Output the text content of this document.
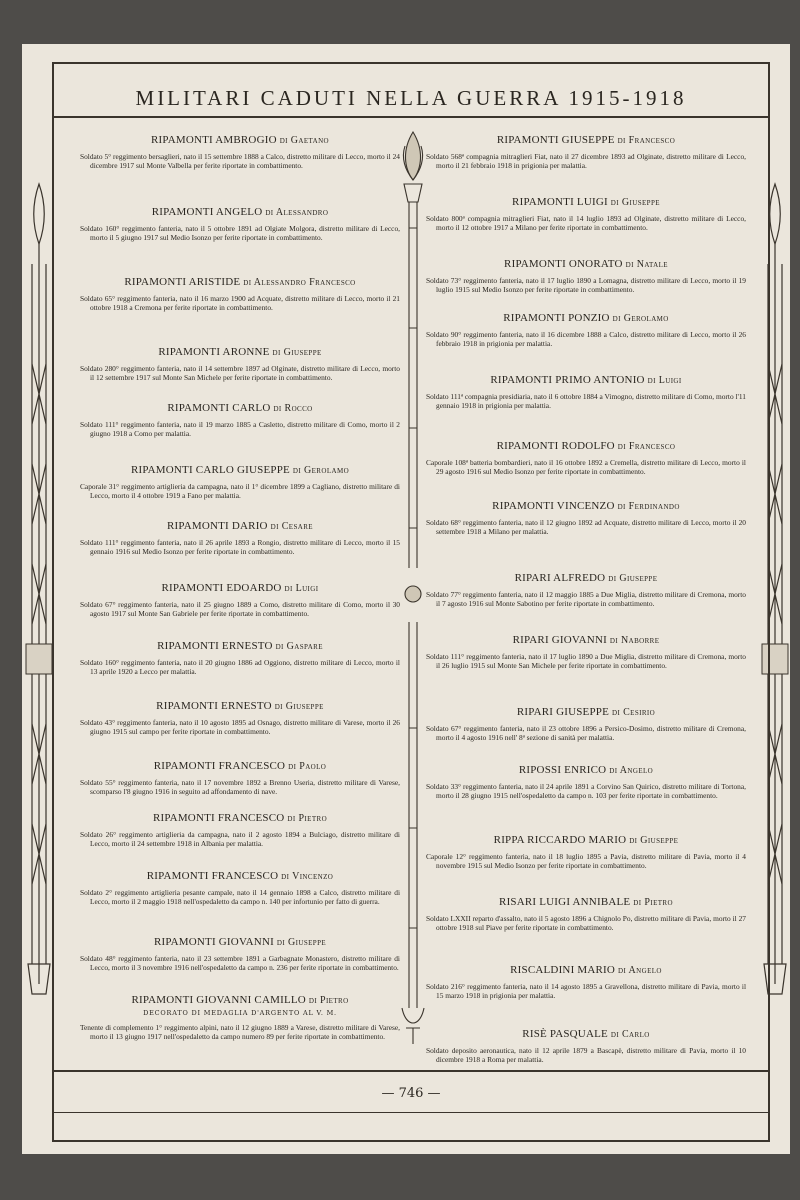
MILITARI CADUTI NELLA GUERRA 1915-1918
RIPAMONTI AMBROGIO di Gaetano
Soldato 5° reggimento bersaglieri, nato il 15 settembre 1888 a Calco, distretto militare di Lecco, morto il 24 dicembre 1917 sul Monte Valbella per ferite riportate in combattimento.
RIPAMONTI ANGELO di Alessandro
Soldato 160° reggimento fanteria, nato il 5 ottobre 1891 ad Olgiate Molgora, distretto militare di Lecco, morto il 5 giugno 1917 sul Medio Isonzo per ferite riportate in combattimento.
RIPAMONTI ARISTIDE di Alessandro Francesco
Soldato 65° reggimento fanteria, nato il 16 marzo 1900 ad Acquate, distretto militare di Lecco, morto il 21 ottobre 1918 a Cremona per ferite riportate in combattimento.
RIPAMONTI ARONNE di Giuseppe
Soldato 280° reggimento fanteria, nato il 14 settembre 1897 ad Olginate, distretto militare di Lecco, morto il 12 settembre 1917 sul Monte San Michele per ferite riportate in combattimento.
RIPAMONTI CARLO di Rocco
Soldato 111° reggimento fanteria, nato il 19 marzo 1885 a Casletto, distretto militare di Como, morto il 2 giugno 1918 a Como per malattia.
RIPAMONTI CARLO GIUSEPPE di Gerolamo
Caporale 31° reggimento artiglieria da campagna, nato il 1° dicembre 1899 a Cagliano, distretto militare di Lecco, morto il 4 ottobre 1919 a Fano per malattia.
RIPAMONTI DARIO di Cesare
Soldato 111° reggimento fanteria, nato il 26 aprile 1893 a Rongio, distretto militare di Lecco, morto il 15 gennaio 1916 sul Medio Isonzo per ferite riportate in combattimento.
RIPAMONTI EDOARDO di Luigi
Soldato 67° reggimento fanteria, nato il 25 giugno 1889 a Como, distretto militare di Como, morto il 30 agosto 1917 sul Monte San Gabriele per ferite riportate in combattimento.
RIPAMONTI ERNESTO di Gaspare
Soldato 160° reggimento fanteria, nato il 20 giugno 1886 ad Oggiono, distretto militare di Lecco, morto il 13 aprile 1920 a Lecco per malattia.
RIPAMONTI ERNESTO di Giuseppe
Soldato 43° reggimento fanteria, nato il 10 agosto 1895 ad Osnago, distretto militare di Varese, morto il 26 giugno 1915 sul campo per ferite riportate in combattimento.
RIPAMONTI FRANCESCO di Paolo
Soldato 55° reggimento fanteria, nato il 17 novembre 1892 a Brenno Useria, distretto militare di Varese, scomparso l'8 giugno 1916 in seguito ad affondamento di nave.
RIPAMONTI FRANCESCO di Pietro
Soldato 26° reggimento artiglieria da campagna, nato il 2 agosto 1894 a Bulciago, distretto militare di Lecco, morto il 24 settembre 1918 in Albania per malattia.
RIPAMONTI FRANCESCO di Vincenzo
Soldato 2° reggimento artiglieria pesante campale, nato il 14 gennaio 1898 a Calco, distretto militare di Lecco, morto il 2 maggio 1918 nell'ospedaletto da campo n. 140 per infortunio per fatto di guerra.
RIPAMONTI GIOVANNI di Giuseppe
Soldato 48° reggimento fanteria, nato il 23 settembre 1891 a Garbagnate Monastero, distretto militare di Lecco, morto il 3 novembre 1916 nell'ospedaletto da campo n. 236 per ferite riportate in combattimento.
RIPAMONTI GIOVANNI CAMILLO di Pietro
DECORATO DI MEDAGLIA D'ARGENTO AL V. M.
Tenente di complemento 1° reggimento alpini, nato il 12 giugno 1889 a Varese, distretto militare di Varese, morto il 13 giugno 1917 nell'ospedaletto da campo numero 89 per ferite riportate in combattimento.
RIPAMONTI GIUSEPPE di Francesco
Soldato 568ª compagnia mitraglieri Fiat, nato il 27 dicembre 1893 ad Olginate, distretto militare di Lecco, morto il 21 febbraio 1918 in prigionia per malattia.
RIPAMONTI LUIGI di Giuseppe
Soldato 800ª compagnia mitraglieri Fiat, nato il 14 luglio 1893 ad Olginate, distretto militare di Lecco, morto il 12 ottobre 1917 a Milano per ferite riportate in combattimento.
RIPAMONTI ONORATO di Natale
Soldato 73° reggimento fanteria, nato il 17 luglio 1890 a Lomagna, distretto militare di Lecco, morto il 19 luglio 1915 sul Medio Isonzo per ferite riportate in combattimento.
RIPAMONTI PONZIO di Gerolamo
Soldato 90° reggimento fanteria, nato il 16 dicembre 1888 a Calco, distretto militare di Lecco, morto il 26 febbraio 1918 in prigionia per malattia.
RIPAMONTI PRIMO ANTONIO di Luigi
Soldato 111ª compagnia presidiaria, nato il 6 ottobre 1884 a Vimogno, distretto militare di Como, morto l'11 gennaio 1918 in prigionia per malattia.
RIPAMONTI RODOLFO di Francesco
Caporale 108ª batteria bombardieri, nato il 16 ottobre 1892 a Cremella, distretto militare di Lecco, morto il 29 agosto 1916 sul Medio Isonzo per ferite riportate in combattimento.
RIPAMONTI VINCENZO di Ferdinando
Soldato 68° reggimento fanteria, nato il 12 giugno 1892 ad Acquate, distretto militare di Lecco, morto il 20 settembre 1918 a Milano per malattia.
RIPARI ALFREDO di Giuseppe
Soldato 77° reggimento fanteria, nato il 12 maggio 1885 a Due Miglia, distretto militare di Cremona, morto il 7 agosto 1916 sul Monte Sabotino per ferite riportate in combattimento.
RIPARI GIOVANNI di Naborre
Soldato 111° reggimento fanteria, nato il 17 luglio 1890 a Due Miglia, distretto militare di Cremona, morto il 26 luglio 1915 sul Monte San Michele per ferite riportate in combattimento.
RIPARI GIUSEPPE di Cesirio
Soldato 67° reggimento fanteria, nato il 23 ottobre 1896 a Persico-Dosimo, distretto militare di Cremona, morto il 4 agosto 1916 nell' 8ª sezione di sanità per malattia.
RIPOSSI ENRICO di Angelo
Soldato 33° reggimento fanteria, nato il 24 aprile 1891 a Corvino San Quirico, distretto militare di Tortona, morto il 28 giugno 1915 nell'ospedaletto da campo n. 103 per ferite riportate in combattimento.
RIPPA RICCARDO MARIO di Giuseppe
Caporale 12° reggimento fanteria, nato il 18 luglio 1895 a Pavia, distretto militare di Pavia, morto il 4 novembre 1915 sul Medio Isonzo per ferite riportate in combattimento.
RISARI LUIGI ANNIBALE di Pietro
Soldato LXXII reparto d'assalto, nato il 5 agosto 1896 a Chignolo Po, distretto militare di Pavia, morto il 27 ottobre 1918 sul Piave per ferite riportate in combattimento.
RISCALDINI MARIO di Angelo
Soldato 216° reggimento fanteria, nato il 14 agosto 1895 a Gravellona, distretto militare di Pavia, morto il 15 marzo 1918 in prigionia per malattia.
RISÈ PASQUALE di Carlo
Soldato deposito aeronautica, nato il 12 aprile 1879 a Bascapè, distretto militare di Pavia, morto il 10 dicembre 1918 a Roma per malattia.
— 746 —
